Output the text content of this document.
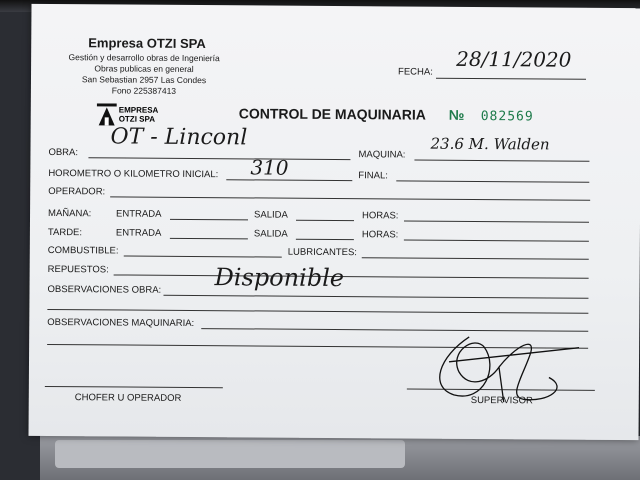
Empresa OTZI SPA
Gestión y desarrollo obras de Ingeniería
Obras publicas en general
San Sebastian 2957 Las Condes
Fono 225387413
EMPRESA
OTZI SPA
FECHA:
28/11/2020
CONTROL DE MAQUINARIA № 082569
OBRA:
OT - Linconl
MAQUINA:
23.6 M. Walden
HOROMETRO O KILOMETRO INICIAL: 310	FINAL:
OPERADOR:
MAÑANA:	ENTRADA	SALIDA	HORAS:
TARDE:	ENTRADA	SALIDA	HORAS:
COMBUSTIBLE:	LUBRICANTES:
REPUESTOS:
OBSERVACIONES OBRA: Disponible
OBSERVACIONES MAQUINARIA:
CHOFER U OPERADOR	SUPERVISOR
